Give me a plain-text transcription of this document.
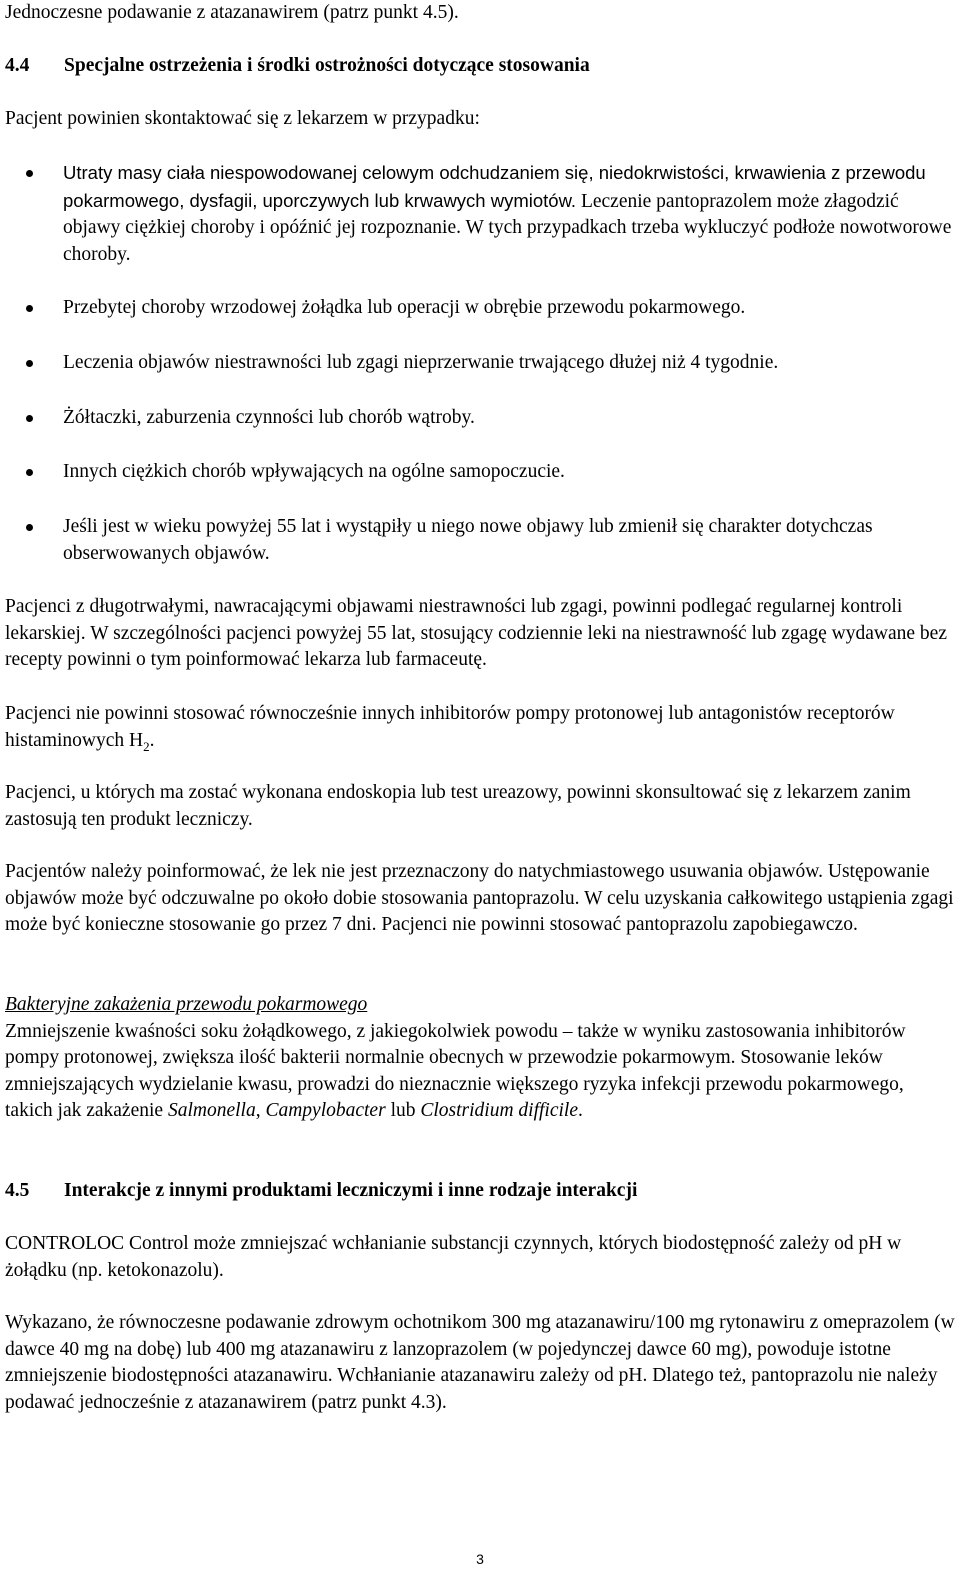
Jednoczesne podawanie z atazanawirem (patrz punkt 4.5).

4.4 Specjalne ostrzeżenia i środki ostrożności dotyczące stosowania

Pacjent powinien skontaktować się z lekarzem w przypadku:

Utraty masy ciała niespowodowanej celowym odchudzaniem się, niedokrwistości, krwawienia z przewodu pokarmowego, dysfagii, uporczywych lub krwawych wymiotów. Leczenie pantoprazolem może złagodzić objawy ciężkiej choroby i opóźnić jej rozpoznanie. W tych przypadkach trzeba wykluczyć podłoże nowotworowe choroby.
Przebytej choroby wrzodowej żołądka lub operacji w obrębie przewodu pokarmowego.
Leczenia objawów niestrawności lub zgagi nieprzerwanie trwającego dłużej niż 4 tygodnie.
Żółtaczki, zaburzenia czynności lub chorób wątroby.
Innych ciężkich chorób wpływających na ogólne samopoczucie.
Jeśli jest w wieku powyżej 55 lat i wystąpiły u niego nowe objawy lub zmienił się charakter dotychczas obserwowanych objawów.

Pacjenci z długotrwałymi, nawracającymi objawami niestrawności lub zgagi, powinni podlegać regularnej kontroli lekarskiej. W szczególności pacjenci powyżej 55 lat, stosujący codziennie leki na niestrawność lub zgagę wydawane bez recepty powinni o tym poinformować lekarza lub farmaceutę.

Pacjenci nie powinni stosować równocześnie innych inhibitorów pompy protonowej lub antagonistów receptorów histaminowych $H_2$.

Pacjenci, u których ma zostać wykonana endoskopia lub test ureazowy, powinni skonsultować się z lekarzem zanim zastosują ten produkt leczniczy.

Pacjentów należy poinformować, że lek nie jest przeznaczony do natychmiastowego usuwania objawów. Ustępowanie objawów może być odczuwalne po około dobie stosowania pantoprazolu. W celu uzyskania całkowitego ustąpienia zgagi może być konieczne stosowanie go przez 7 dni. Pacjenci nie powinni stosować pantoprazolu zapobiegawczo.

Bakteryjne zakażenia przewodu pokarmowego
Zmniejszenie kwaśności soku żołądkowego, z jakiegokolwiek powodu – także w wyniku zastosowania inhibitorów pompy protonowej, zwiększa ilość bakterii normalnie obecnych w przewodzie pokarmowym. Stosowanie leków zmniejszających wydzielanie kwasu, prowadzi do nieznacznie większego ryzyka infekcji przewodu pokarmowego, takich jak zakażenie Salmonella, Campylobacter lub Clostridium difficile.

4.5 Interakcje z innymi produktami leczniczymi i inne rodzaje interakcji

CONTROLOC Control może zmniejszać wchłanianie substancji czynnych, których biodostępność zależy od pH w żołądku (np. ketokonazolu).

Wykazano, że równoczesne podawanie zdrowym ochotnikom 300 mg atazanawiru/100 mg rytonawiru z omeprazolem (w dawce 40 mg na dobę) lub 400 mg atazanawiru z lanzoprazolem (w pojedynczej dawce 60 mg), powoduje istotne zmniejszenie biodostępności atazanawiru. Wchłanianie atazanawiru zależy od pH. Dlatego też, pantoprazolu nie należy podawać jednocześnie z atazanawirem (patrz punkt 4.3).

3
